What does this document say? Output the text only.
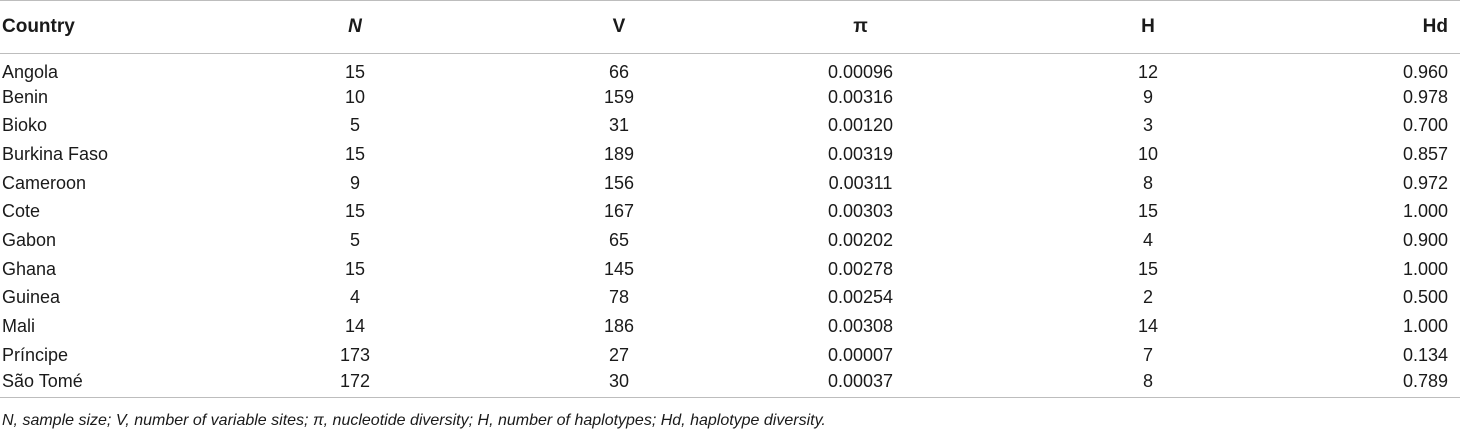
Country	N	V	π	H	Hd
Angola	15	66	0.00096	12	0.960
Benin	10	159	0.00316	9	0.978
Bioko	5	31	0.00120	3	0.700
Burkina Faso	15	189	0.00319	10	0.857
Cameroon	9	156	0.00311	8	0.972
Cote	15	167	0.00303	15	1.000
Gabon	5	65	0.00202	4	0.900
Ghana	15	145	0.00278	15	1.000
Guinea	4	78	0.00254	2	0.500
Mali	14	186	0.00308	14	1.000
Príncipe	173	27	0.00007	7	0.134
São Tomé	172	30	0.00037	8	0.789
N, sample size; V, number of variable sites; π, nucleotide diversity; H, number of haplotypes; Hd, haplotype diversity.
